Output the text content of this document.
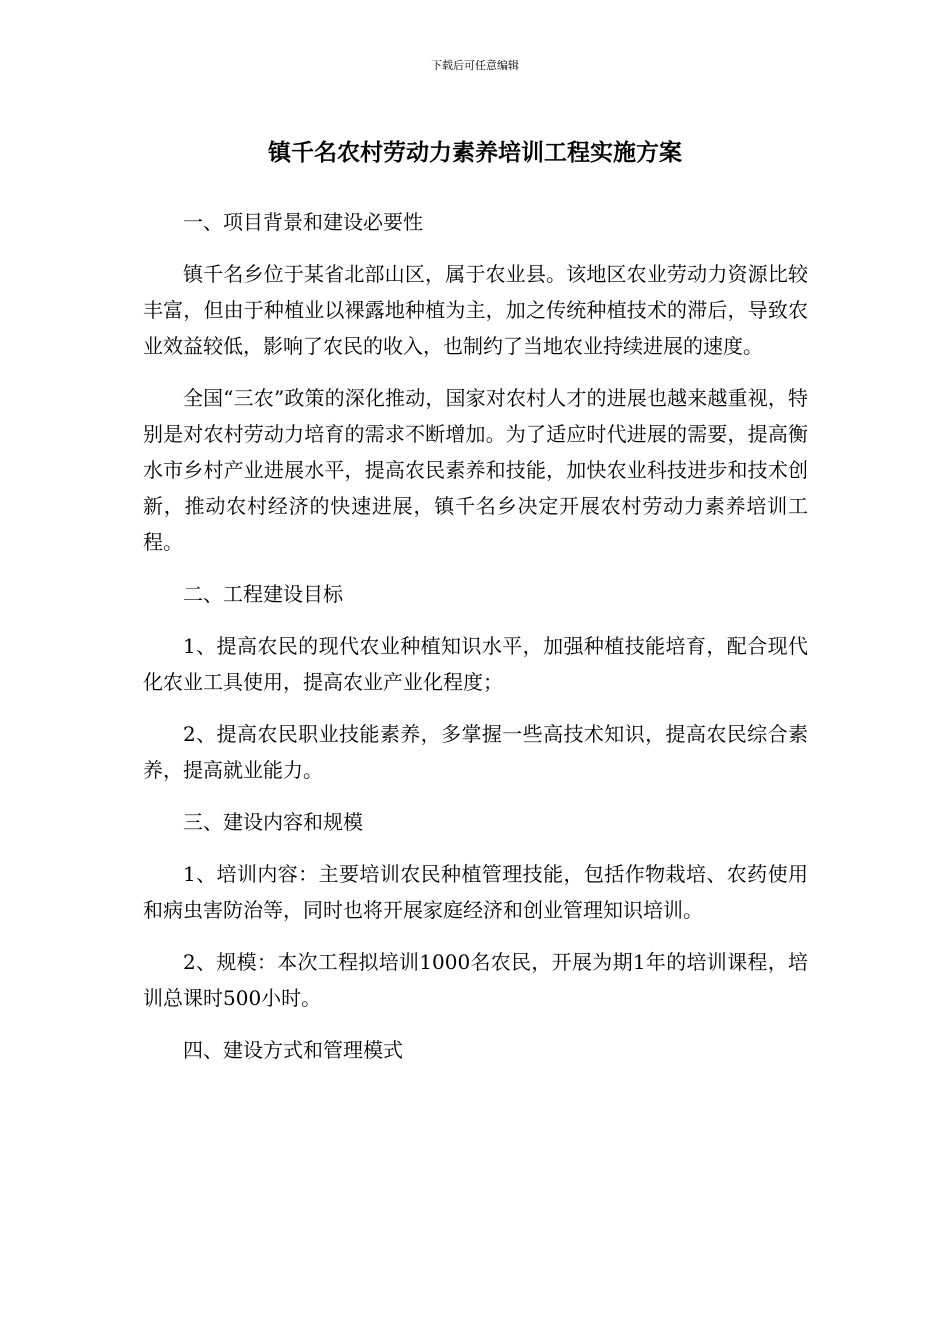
下载后可任意编辑
镇千名农村劳动力素养培训工程实施方案

一、项目背景和建设必要性

镇千名乡位于某省北部山区，属于农业县。该地区农业劳动力资源比较丰富，但由于种植业以裸露地种植为主，加之传统种植技术的滞后，导致农业效益较低，影响了农民的收入，也制约了当地农业持续进展的速度。

全国“三农”政策的深化推动，国家对农村人才的进展也越来越重视，特别是对农村劳动力培育的需求不断增加。为了适应时代进展的需要，提高衡水市乡村产业进展水平，提高农民素养和技能，加快农业科技进步和技术创新，推动农村经济的快速进展，镇千名乡决定开展农村劳动力素养培训工程。

二、工程建设目标

1、提高农民的现代农业种植知识水平，加强种植技能培育，配合现代化农业工具使用，提高农业产业化程度；

2、提高农民职业技能素养，多掌握一些高技术知识，提高农民综合素养，提高就业能力。

三、建设内容和规模

1、培训内容：主要培训农民种植管理技能，包括作物栽培、农药使用和病虫害防治等，同时也将开展家庭经济和创业管理知识培训。

2、规模：本次工程拟培训1000名农民，开展为期1年的培训课程，培训总课时500小时。

四、建设方式和管理模式
